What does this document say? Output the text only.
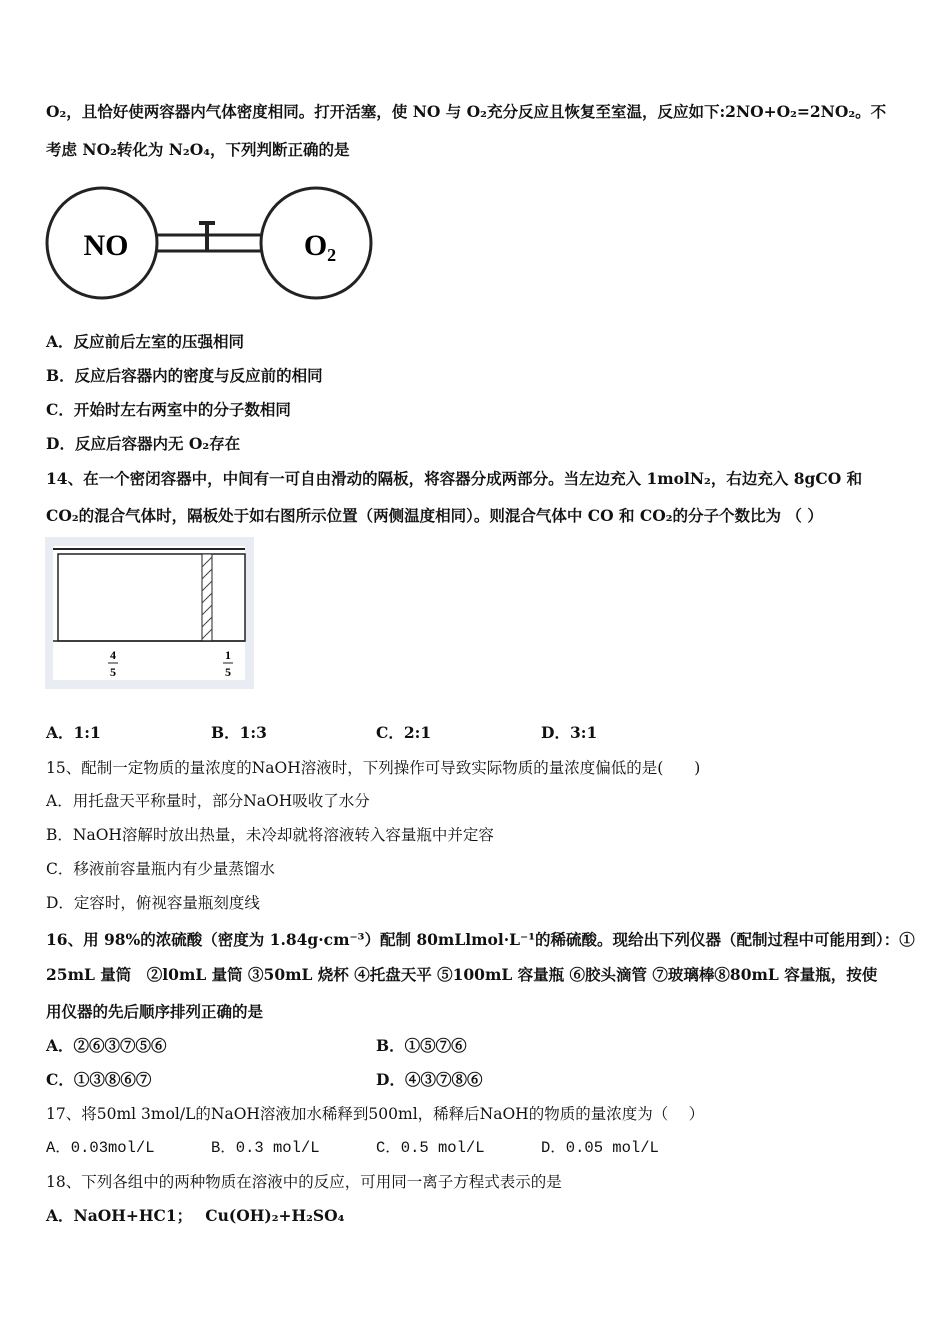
O₂，且恰好使两容器内气体密度相同。打开活塞，使 NO 与 O₂充分反应且恢复至室温，反应如下:2NO+O₂=2NO₂。不
考虑 NO₂转化为 N₂O₄，下列判断正确的是
NO	O₂
A．反应前后左室的压强相同
B．反应后容器内的密度与反应前的相同
C．开始时左右两室中的分子数相同
D．反应后容器内无 O₂存在
14、在一个密闭容器中，中间有一可自由滑动的隔板，将容器分成两部分。当左边充入 1molN₂，右边充入 8gCO 和
CO₂的混合气体时，隔板处于如右图所示位置（两侧温度相同）。则混合气体中 CO 和 CO₂的分子个数比为 （ ）
4
5
1
5
A．1:1	B．1:3	C．2:1	D．3:1
15、配制一定物质的量浓度的NaOH溶液时，下列操作可导致实际物质的量浓度偏低的是(　　)
A．用托盘天平称量时，部分NaOH吸收了水分
B．NaOH溶解时放出热量，未冷却就将溶液转入容量瓶中并定容
C．移液前容量瓶内有少量蒸馏水
D．定容时，俯视容量瓶刻度线
16、用 98%的浓硫酸（密度为 1.84g·cm⁻³）配制 80mLlmol·L⁻¹的稀硫酸。现给出下列仪器（配制过程中可能用到）：①
25mL 量筒　②l0mL 量筒 ③50mL 烧杯 ④托盘天平 ⑤100mL 容量瓶 ⑥胶头滴管 ⑦玻璃棒⑧80mL 容量瓶，按使
用仪器的先后顺序排列正确的是
A．②⑥③⑦⑤⑥	B．①⑤⑦⑥
C．①③⑧⑥⑦	D．④③⑦⑧⑥
17、将50ml 3mol/L的NaOH溶液加水稀释到500ml，稀释后NaOH的物质的量浓度为（　 ）
A．0.03mol/L	B．0.3 mol/L	C．0.5 mol/L	D．0.05 mol/L
18、下列各组中的两种物质在溶液中的反应，可用同一离子方程式表示的是
A．NaOH+HC1；　 Cu(OH)₂+H₂SO₄
